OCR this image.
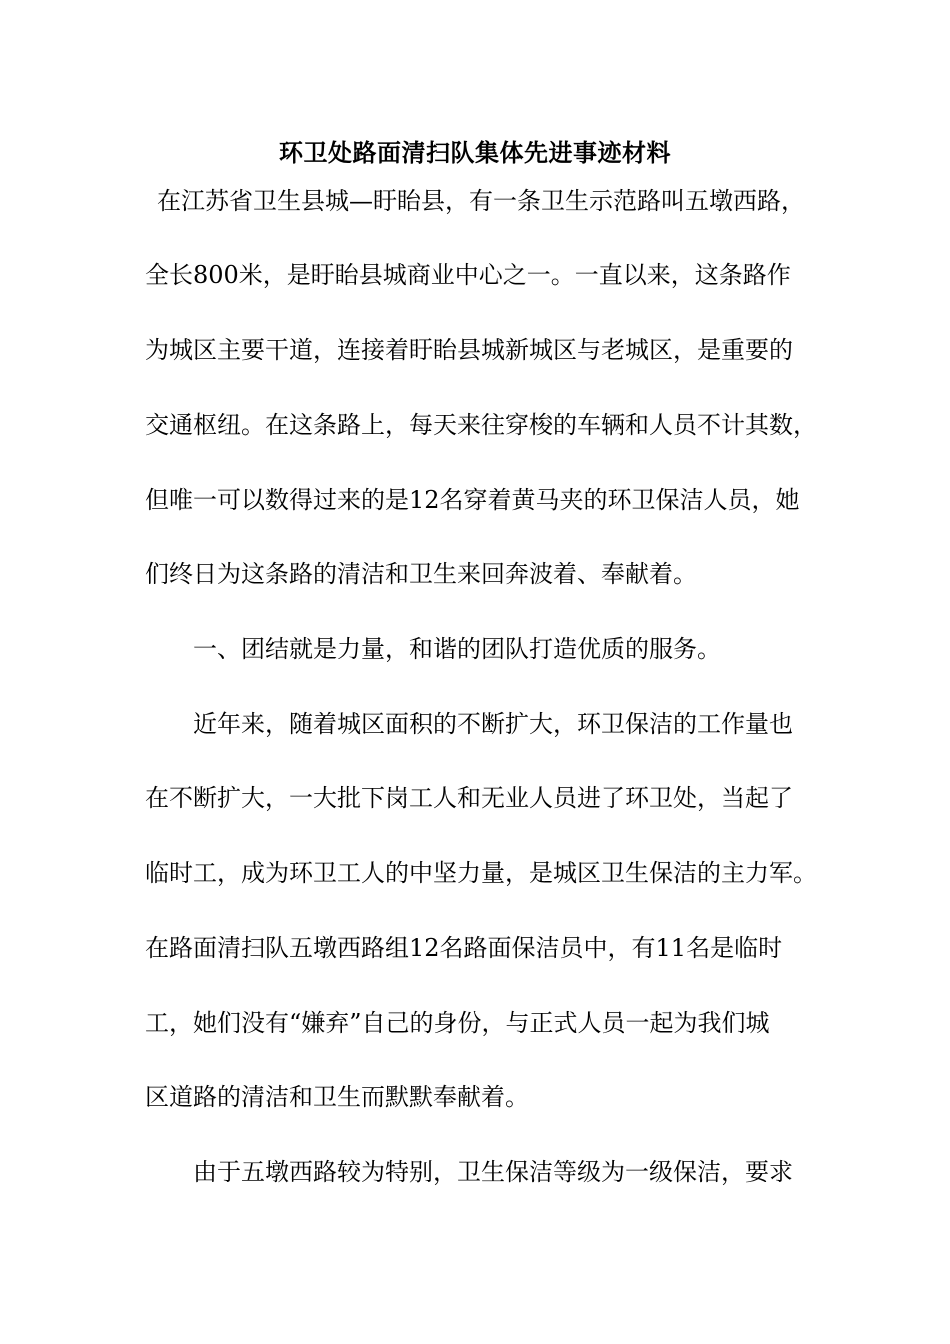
环卫处路面清扫队集体先进事迹材料
在江苏省卫生县城—盱眙县，有一条卫生示范路叫五墩西路，
全长800米，是盱眙县城商业中心之一。一直以来，这条路作
为城区主要干道，连接着盱眙县城新城区与老城区，是重要的
交通枢纽。在这条路上，每天来往穿梭的车辆和人员不计其数，
但唯一可以数得过来的是12名穿着黄马夹的环卫保洁人员，她
们终日为这条路的清洁和卫生来回奔波着、奉献着。
一、团结就是力量，和谐的团队打造优质的服务。
近年来，随着城区面积的不断扩大，环卫保洁的工作量也
在不断扩大，一大批下岗工人和无业人员进了环卫处，当起了
临时工，成为环卫工人的中坚力量，是城区卫生保洁的主力军。
在路面清扫队五墩西路组12名路面保洁员中，有11名是临时
工，她们没有“嫌弃”自己的身份，与正式人员一起为我们城
区道路的清洁和卫生而默默奉献着。
由于五墩西路较为特别，卫生保洁等级为一级保洁，要求
